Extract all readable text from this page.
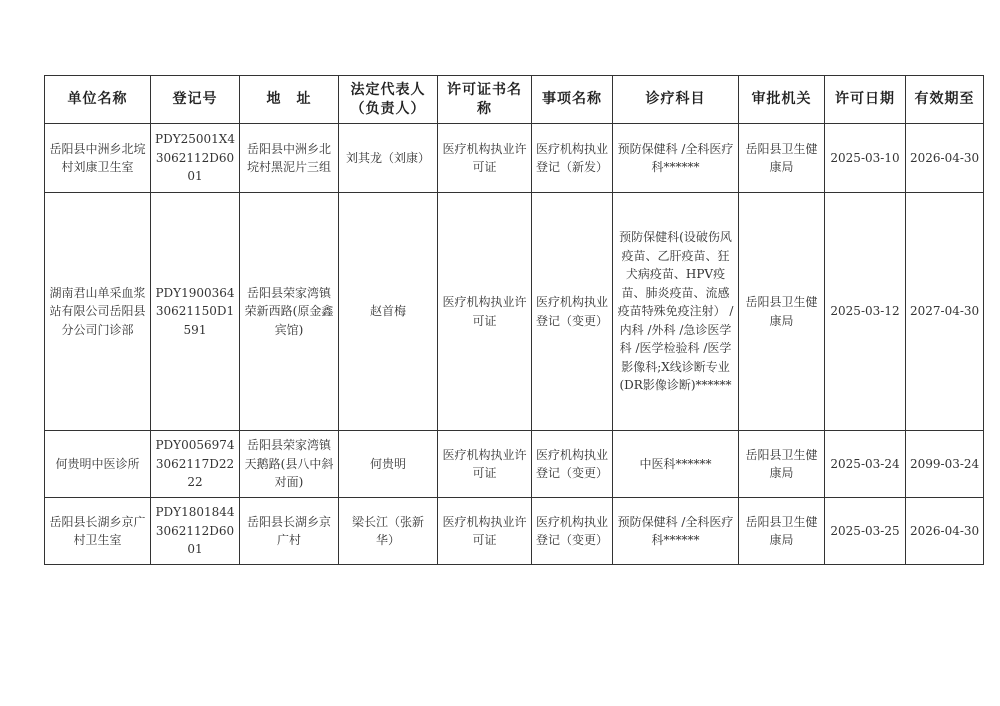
单位名称	登记号	地　址	法定代表人（负责人）	许可证书名称	事项名称	诊疗科目	审批机关	许可日期	有效期至
岳阳县中洲乡北垸村刘康卫生室	PDY25001X43062112D6001	岳阳县中洲乡北垸村黑泥片三组	刘其龙（刘康）	医疗机构执业许可证	医疗机构执业登记（新发）	预防保健科 /全科医疗科******	岳阳县卫生健康局	2025-03-10	2026-04-30
湖南君山单采血浆站有限公司岳阳县分公司门诊部	PDY190036430621150D1591	岳阳县荣家湾镇荣新西路(原金鑫宾馆)	赵首梅	医疗机构执业许可证	医疗机构执业登记（变更）	预防保健科(设破伤风疫苗、乙肝疫苗、狂犬病疫苗、HPV疫苗、肺炎疫苗、流感疫苗特殊免疫注射） /内科 /外科 /急诊医学科 /医学检验科 /医学影像科;X线诊断专业(DR影像诊断)******	岳阳县卫生健康局	2025-03-12	2027-04-30
何贵明中医诊所	PDY00569743062117D2222	岳阳县荣家湾镇天鹅路(县八中斜对面)	何贵明	医疗机构执业许可证	医疗机构执业登记（变更）	中医科******	岳阳县卫生健康局	2025-03-24	2099-03-24
岳阳县长湖乡京广村卫生室	PDY18018443062112D6001	岳阳县长湖乡京广村	梁长江（张新华）	医疗机构执业许可证	医疗机构执业登记（变更）	预防保健科 /全科医疗科******	岳阳县卫生健康局	2025-03-25	2026-04-30
